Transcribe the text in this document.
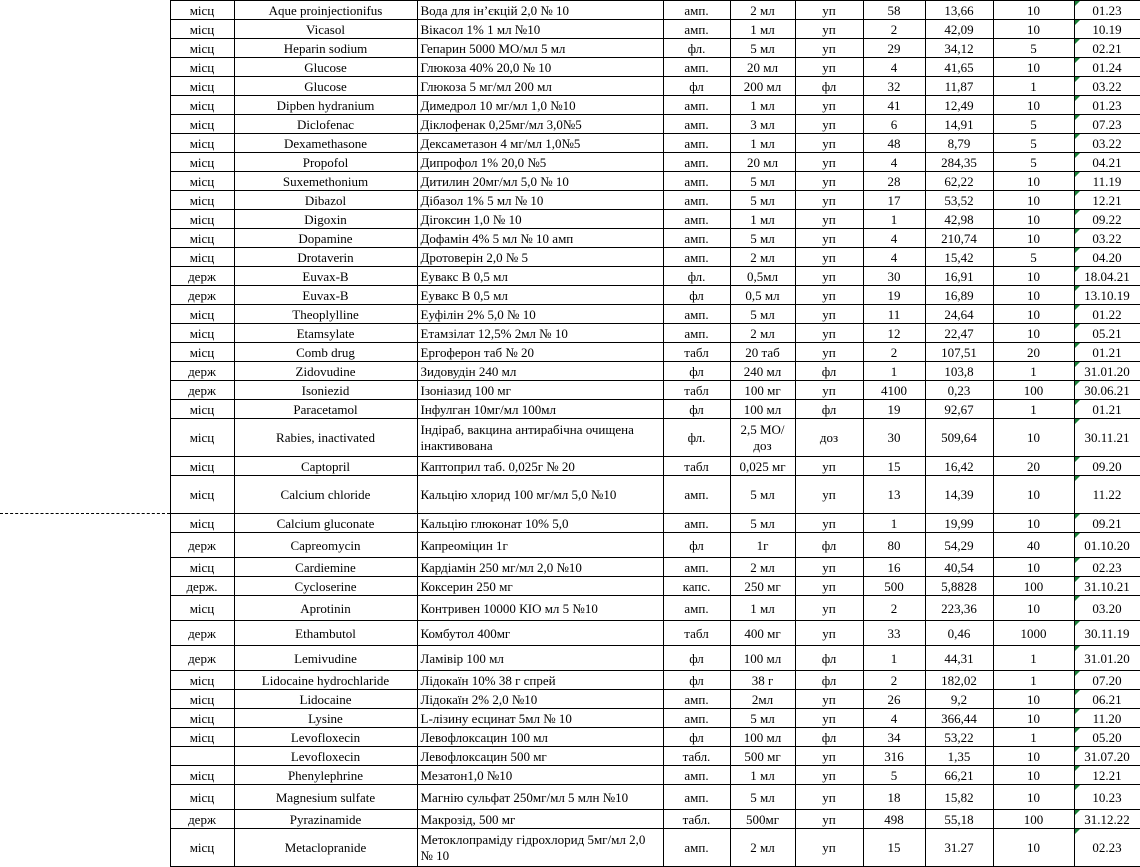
	місц	Aque proinjectionifus	Вода для ін’єкцій 2,0 № 10	амп.	2 мл	уп	58	13,66	10	01.23
	місц	Vicasol	Вікасол 1% 1 мл №10	амп.	1 мл	уп	2	42,09	10	10.19
	місц	Heparin sodium	Гепарин 5000 МО/мл 5 мл	фл.	5 мл	уп	29	34,12	5	02.21
	місц	Glucose	Глюкоза 40% 20,0 № 10	амп.	20 мл	уп	4	41,65	10	01.24
	місц	Glucose	Глюкоза 5 мг/мл 200 мл	фл	200 мл	фл	32	11,87	1	03.22
	місц	Dipben hydranium	Димедрол 10 мг/мл 1,0 №10	амп.	1 мл	уп	41	12,49	10	01.23
	місц	Diclofenac	Діклофенак 0,25мг/мл 3,0№5	амп.	3 мл	уп	6	14,91	5	07.23
	місц	Dexamethasone	Дексаметазон 4 мг/мл 1,0№5	амп.	1 мл	уп	48	8,79	5	03.22
	місц	Propofol	Дипрофол 1% 20,0 №5	амп.	20 мл	уп	4	284,35	5	04.21
	місц	Suxemethonium	Дитилин 20мг/мл 5,0 № 10	амп.	5 мл	уп	28	62,22	10	11.19
	місц	Dibazol	Дібазол 1% 5 мл № 10	амп.	5 мл	уп	17	53,52	10	12.21
	місц	Digoxin	Дігоксин 1,0 № 10	амп.	1 мл	уп	1	42,98	10	09.22
	місц	Dopamine	Дофамін 4% 5 мл № 10 амп	амп.	5 мл	уп	4	210,74	10	03.22
	місц	Drotaverin	Дротоверін 2,0 № 5	амп.	2 мл	уп	4	15,42	5	04.20
	держ	Euvax-B	Еувакс В 0,5 мл	фл.	0,5мл	уп	30	16,91	10	18.04.21
	держ	Euvax-B	Еувакс В 0,5 мл	фл	0,5 мл	уп	19	16,89	10	13.10.19
	місц	Theoplylline	Еуфілін 2% 5,0 № 10	амп.	5 мл	уп	11	24,64	10	01.22
	місц	Etamsylate	Етамзілат 12,5% 2мл № 10	амп.	2 мл	уп	12	22,47	10	05.21
	місц	Comb drug	Ергоферон таб № 20	табл	20 таб	уп	2	107,51	20	01.21
	держ	Zidovudine	Зидовудін 240 мл	фл	240 мл	фл	1	103,8	1	31.01.20
	держ	Isoniezid	Ізоніазид 100 мг	табл	100 мг	уп	4100	0,23	100	30.06.21
	місц	Paracetamol	Інфулган 10мг/мл 100мл	фл	100 мл	фл	19	92,67	1	01.21
	місц	Rabies, inactivated	Індіраб, вакцина антирабічна очищена інактивована	фл.	2,5 МО/доз	доз	30	509,64	10	30.11.21
	місц	Captopril	Каптоприл таб. 0,025г № 20	табл	0,025 мг	уп	15	16,42	20	09.20
	місц	Calcium chloride	Кальцію хлорид 100 мг/мл 5,0 №10	амп.	5 мл	уп	13	14,39	10	11.22
	місц	Calcium gluconate	Кальцію глюконат 10% 5,0	амп.	5 мл	уп	1	19,99	10	09.21
	держ	Capreomycin	Капреоміцин 1г	фл	1г	фл	80	54,29	40	01.10.20
	місц	Cardiemine	Кардіамін 250 мг/мл 2,0 №10	амп.	2 мл	уп	16	40,54	10	02.23
	держ.	Cycloserine	Коксерин 250 мг	капс.	250 мг	уп	500	5,8828	100	31.10.21
	місц	Aprotinin	Контривен 10000 КІО мл 5 №10	амп.	1 мл	уп	2	223,36	10	03.20
	держ	Ethambutol	Комбутол 400мг	табл	400 мг	уп	33	0,46	1000	30.11.19
	держ	Lemivudine	Ламівір 100 мл	фл	100 мл	фл	1	44,31	1	31.01.20
	місц	Lidocaine hydrochlaride	Лідокаїн 10% 38 г спрей	фл	38 г	фл	2	182,02	1	07.20
	місц	Lidocaine	Лідокаїн 2% 2,0 №10	амп.	2мл	уп	26	9,2	10	06.21
	місц	Lysine	L-лізину есцинат 5мл № 10	амп.	5 мл	уп	4	366,44	10	11.20
	місц	Levofloxecin	Левофлоксацин 100 мл	фл	100 мл	фл	34	53,22	1	05.20
		Levofloxecin	Левофлоксацин 500 мг	табл.	500 мг	уп	316	1,35	10	31.07.20
	місц	Phenylephrine	Мезатон1,0 №10	амп.	1 мл	уп	5	66,21	10	12.21
	місц	Magnesium sulfate	Магнію сульфат 250мг/мл 5 млн №10	амп.	5 мл	уп	18	15,82	10	10.23
	держ	Pyrazinamide	Макрозід, 500 мг	табл.	500мг	уп	498	55,18	100	31.12.22
	місц	Metaclopranide	Метоклопраміду гідрохлорид 5мг/мл 2,0 № 10	амп.	2 мл	уп	15	31.27	10	02.23
